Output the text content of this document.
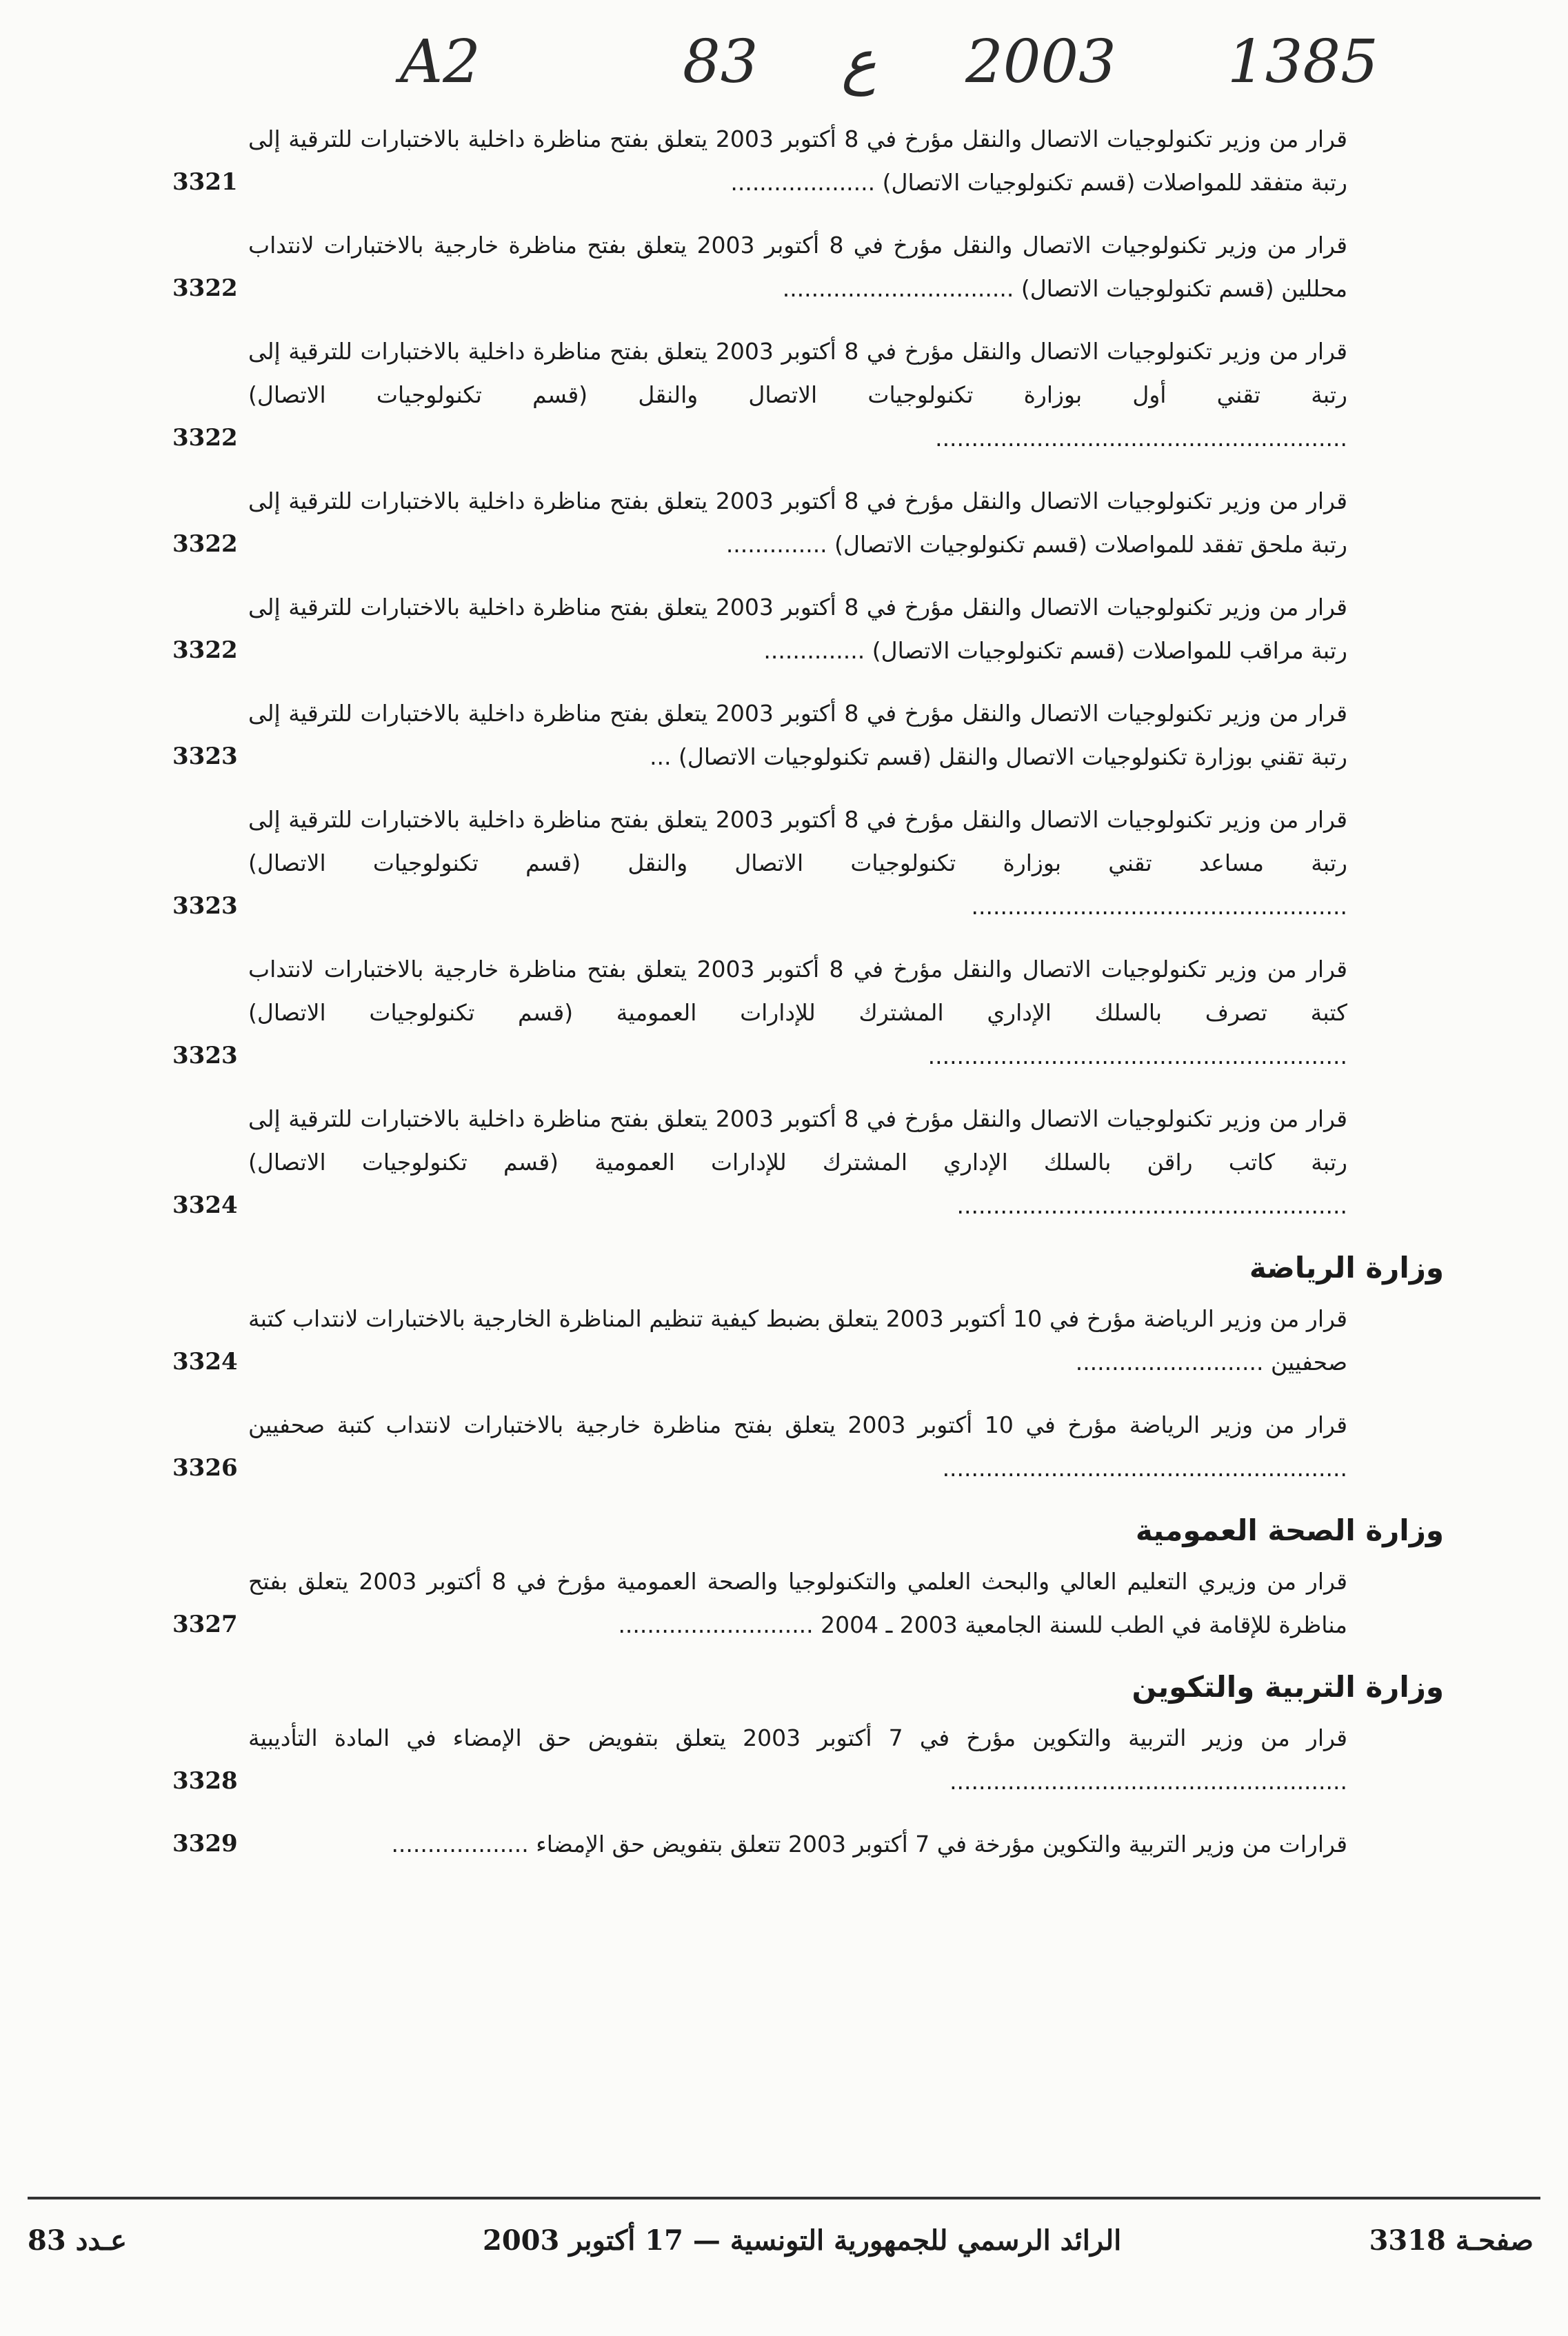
A2	83 ع 2003 1385
قرار من وزير تكنولوجيات الاتصال والنقل مؤرخ في 8 أكتوبر 2003 يتعلق بفتح مناظرة داخلية بالاختبارات للترقية إلى رتبة متفقد للمواصلات (قسم تكنولوجيات الاتصال) ....................
3321
قرار من وزير تكنولوجيات الاتصال والنقل مؤرخ في 8 أكتوبر 2003 يتعلق بفتح مناظرة خارجية بالاختبارات لانتداب محللين (قسم تكنولوجيات الاتصال) ................................
3322
قرار من وزير تكنولوجيات الاتصال والنقل مؤرخ في 8 أكتوبر 2003 يتعلق بفتح مناظرة داخلية بالاختبارات للترقية إلى رتبة تقني أول بوزارة تكنولوجيات الاتصال والنقل (قسم تكنولوجيات الاتصال) .........................................................
3322
قرار من وزير تكنولوجيات الاتصال والنقل مؤرخ في 8 أكتوبر 2003 يتعلق بفتح مناظرة داخلية بالاختبارات للترقية إلى رتبة ملحق تفقد للمواصلات (قسم تكنولوجيات الاتصال) ..............
3322
قرار من وزير تكنولوجيات الاتصال والنقل مؤرخ في 8 أكتوبر 2003 يتعلق بفتح مناظرة داخلية بالاختبارات للترقية إلى رتبة مراقب للمواصلات (قسم تكنولوجيات الاتصال) ..............
3322
قرار من وزير تكنولوجيات الاتصال والنقل مؤرخ في 8 أكتوبر 2003 يتعلق بفتح مناظرة داخلية بالاختبارات للترقية إلى رتبة تقني بوزارة تكنولوجيات الاتصال والنقل (قسم تكنولوجيات الاتصال) ...
3323
قرار من وزير تكنولوجيات الاتصال والنقل مؤرخ في 8 أكتوبر 2003 يتعلق بفتح مناظرة داخلية بالاختبارات للترقية إلى رتبة مساعد تقني بوزارة تكنولوجيات الاتصال والنقل (قسم تكنولوجيات الاتصال) ....................................................
3323
قرار من وزير تكنولوجيات الاتصال والنقل مؤرخ في 8 أكتوبر 2003 يتعلق بفتح مناظرة خارجية بالاختبارات لانتداب كتبة تصرف بالسلك الإداري المشترك للإدارات العمومية (قسم تكنولوجيات الاتصال) ..........................................................
3323
قرار من وزير تكنولوجيات الاتصال والنقل مؤرخ في 8 أكتوبر 2003 يتعلق بفتح مناظرة داخلية بالاختبارات للترقية إلى رتبة كاتب راقن بالسلك الإداري المشترك للإدارات العمومية (قسم تكنولوجيات الاتصال) ......................................................
3324
وزارة الرياضة
قرار من وزير الرياضة مؤرخ في 10 أكتوبر 2003 يتعلق بضبط كيفية تنظيم المناظرة الخارجية بالاختبارات لانتداب كتبة صحفيين ..........................
3324
قرار من وزير الرياضة مؤرخ في 10 أكتوبر 2003 يتعلق بفتح مناظرة خارجية بالاختبارات لانتداب كتبة صحفيين ........................................................
3326
وزارة الصحة العمومية
قرار من وزيري التعليم العالي والبحث العلمي والتكنولوجيا والصحة العمومية مؤرخ في 8 أكتوبر 2003 يتعلق بفتح مناظرة للإقامة في الطب للسنة الجامعية 2003 ـ 2004 ...........................
3327
وزارة التربية والتكوين
قرار من وزير التربية والتكوين مؤرخ في 7 أكتوبر 2003 يتعلق بتفويض حق الإمضاء في المادة التأديبية .......................................................
3328
قرارات من وزير التربية والتكوين مؤرخة في 7 أكتوبر 2003 تتعلق بتفويض حق الإمضاء ...................
3329
صفحـة 3318
الرائد الرسمي للجمهورية التونسية — 17 أكتوبر 2003
عـدد 83
